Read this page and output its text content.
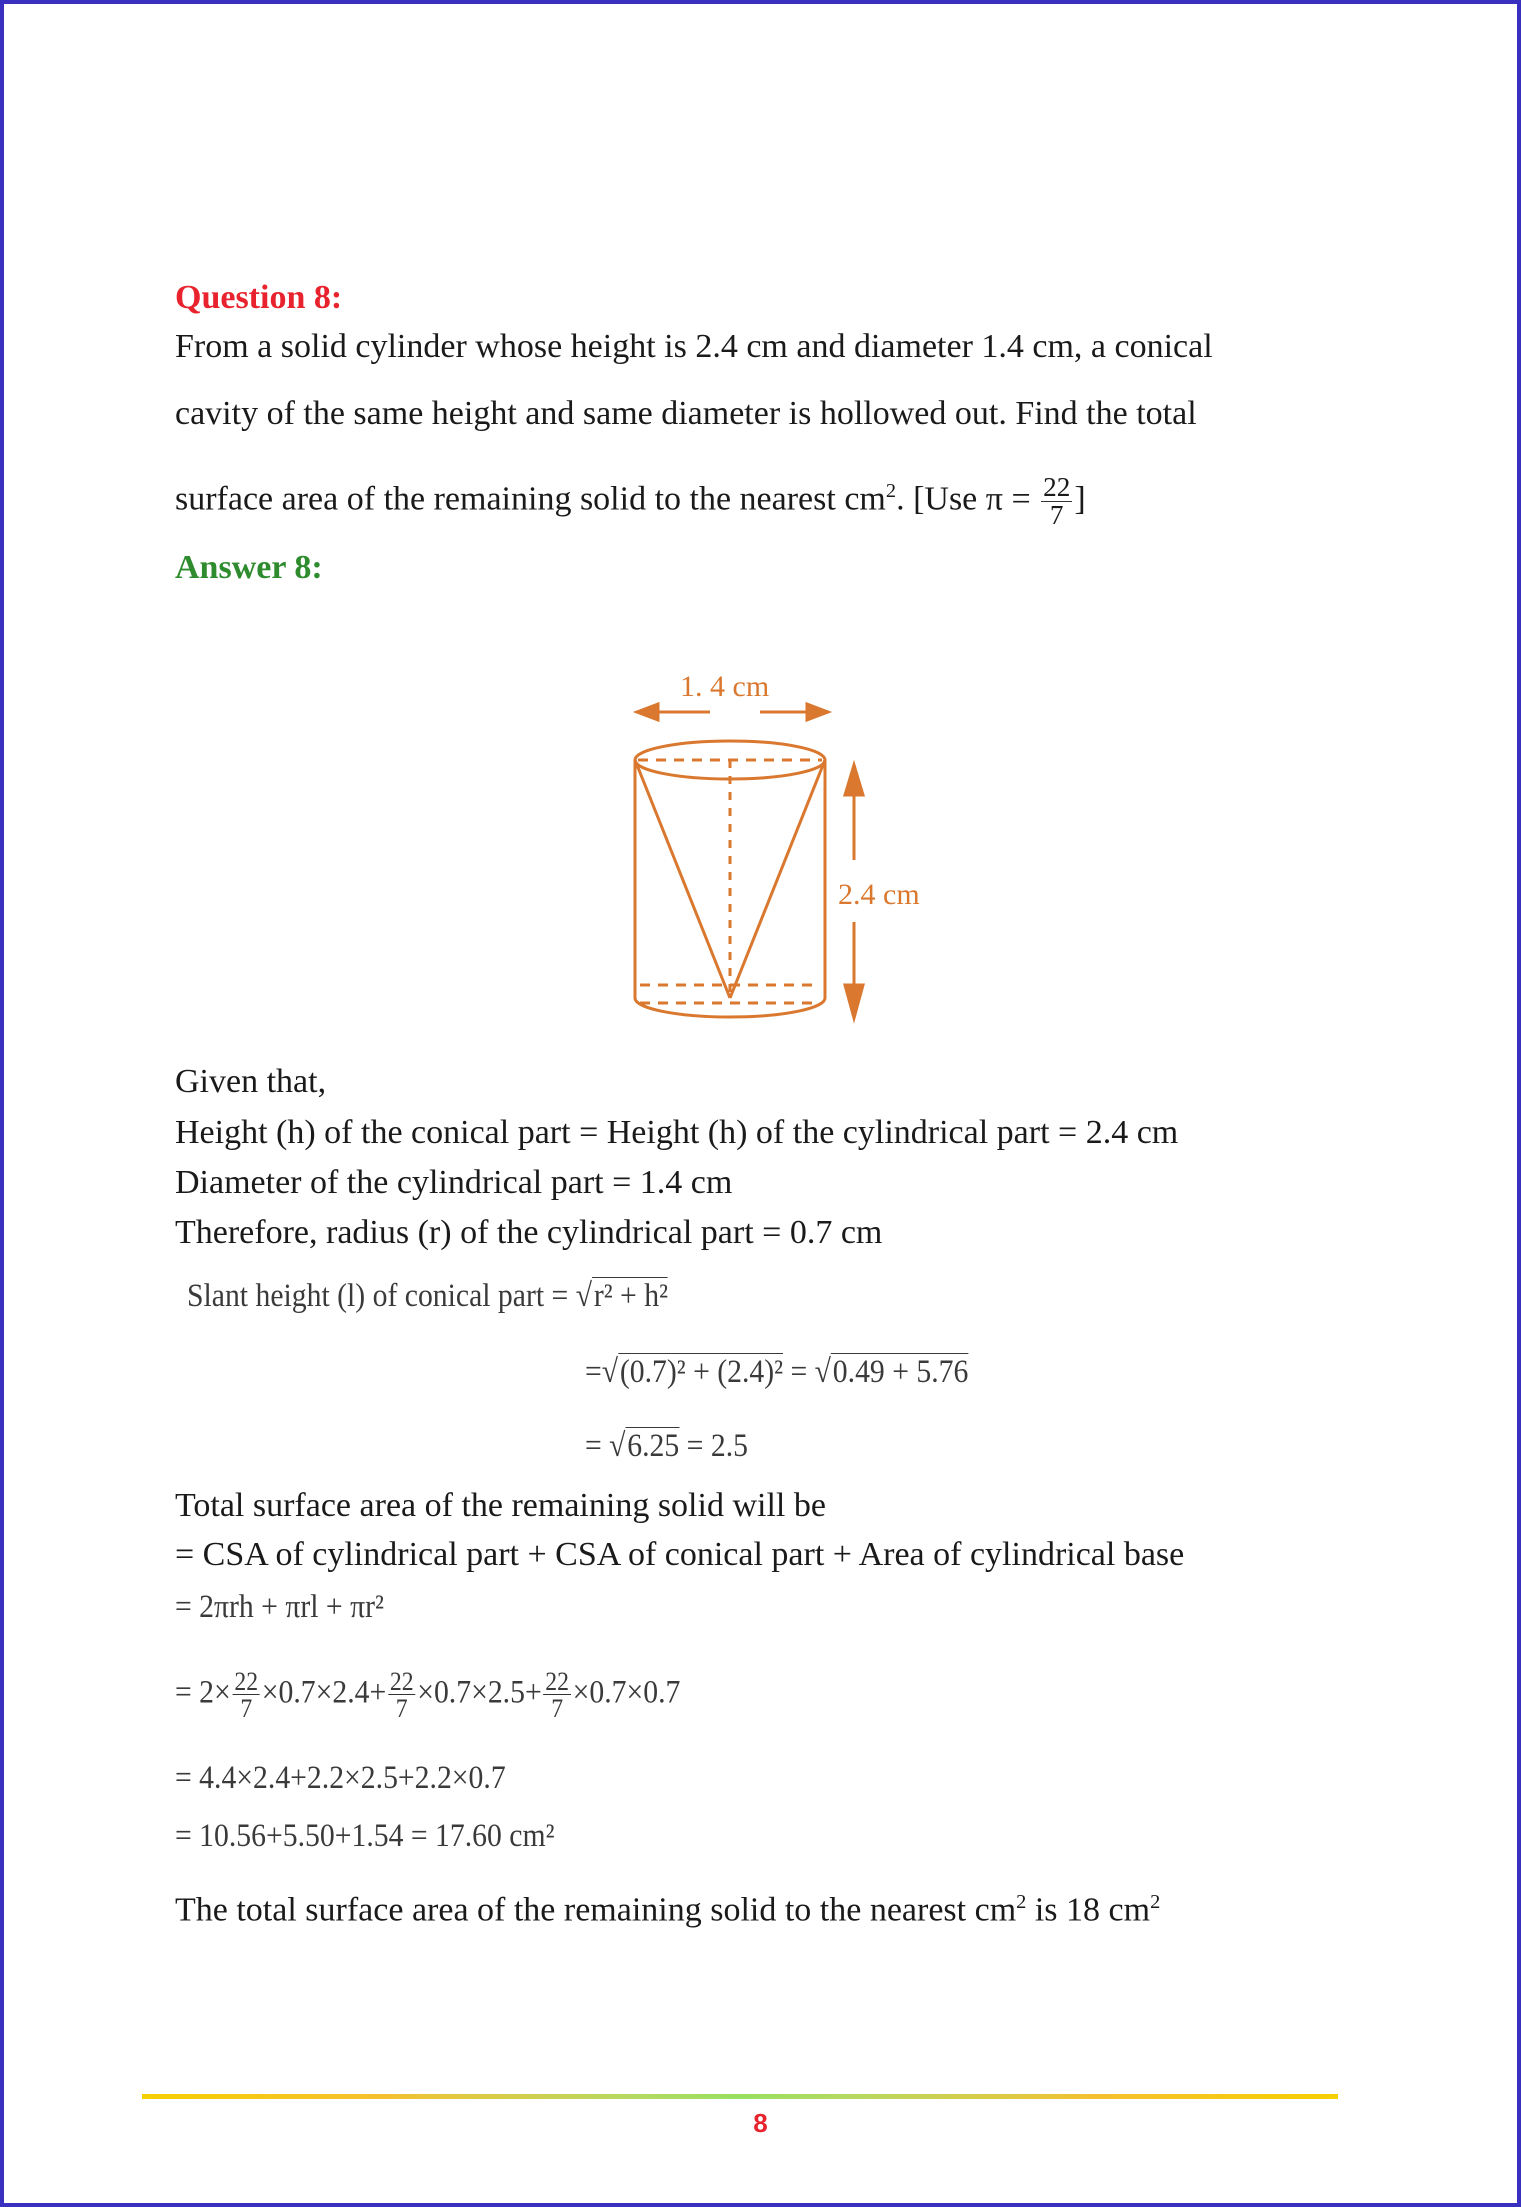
Question 8:
From a solid cylinder whose height is 2.4 cm and diameter 1.4 cm, a conical
cavity of the same height and same diameter is hollowed out. Find the total
surface area of the remaining solid to the nearest $cm^2$. [Use $\pi = \frac{22}{7}$ ]
Answer 8:
1. 4 cm
2.4 cm
Given that,
Height (h) of the conical part = Height (h) of the cylindrical part = 2.4 cm
Diameter of the cylindrical part = 1.4 cm
Therefore, radius (r) of the cylindrical part = 0.7 cm
Slant height (l) of conical part = √r² + h²
=√(0.7)² + (2.4)² = √0.49 + 5.76
= √6.25 = 2.5
Total surface area of the remaining solid will be
= CSA of cylindrical part + CSA of conical part + Area of cylindrical base
= 2πrh + πrl + πr²
= $2\times \frac{22}{7} \times 0.7\times 2.4+ \frac{22}{7} \times 0.7\times 2.5+ \frac{22}{7} \times 0.7\times 0.7$
= 4.4×2.4+2.2×2.5+2.2×0.7
= 10.56+5.50+1.54 = 17.60 cm²
The total surface area of the remaining solid to the nearest $cm^2$ is 18 $cm^2$
8
